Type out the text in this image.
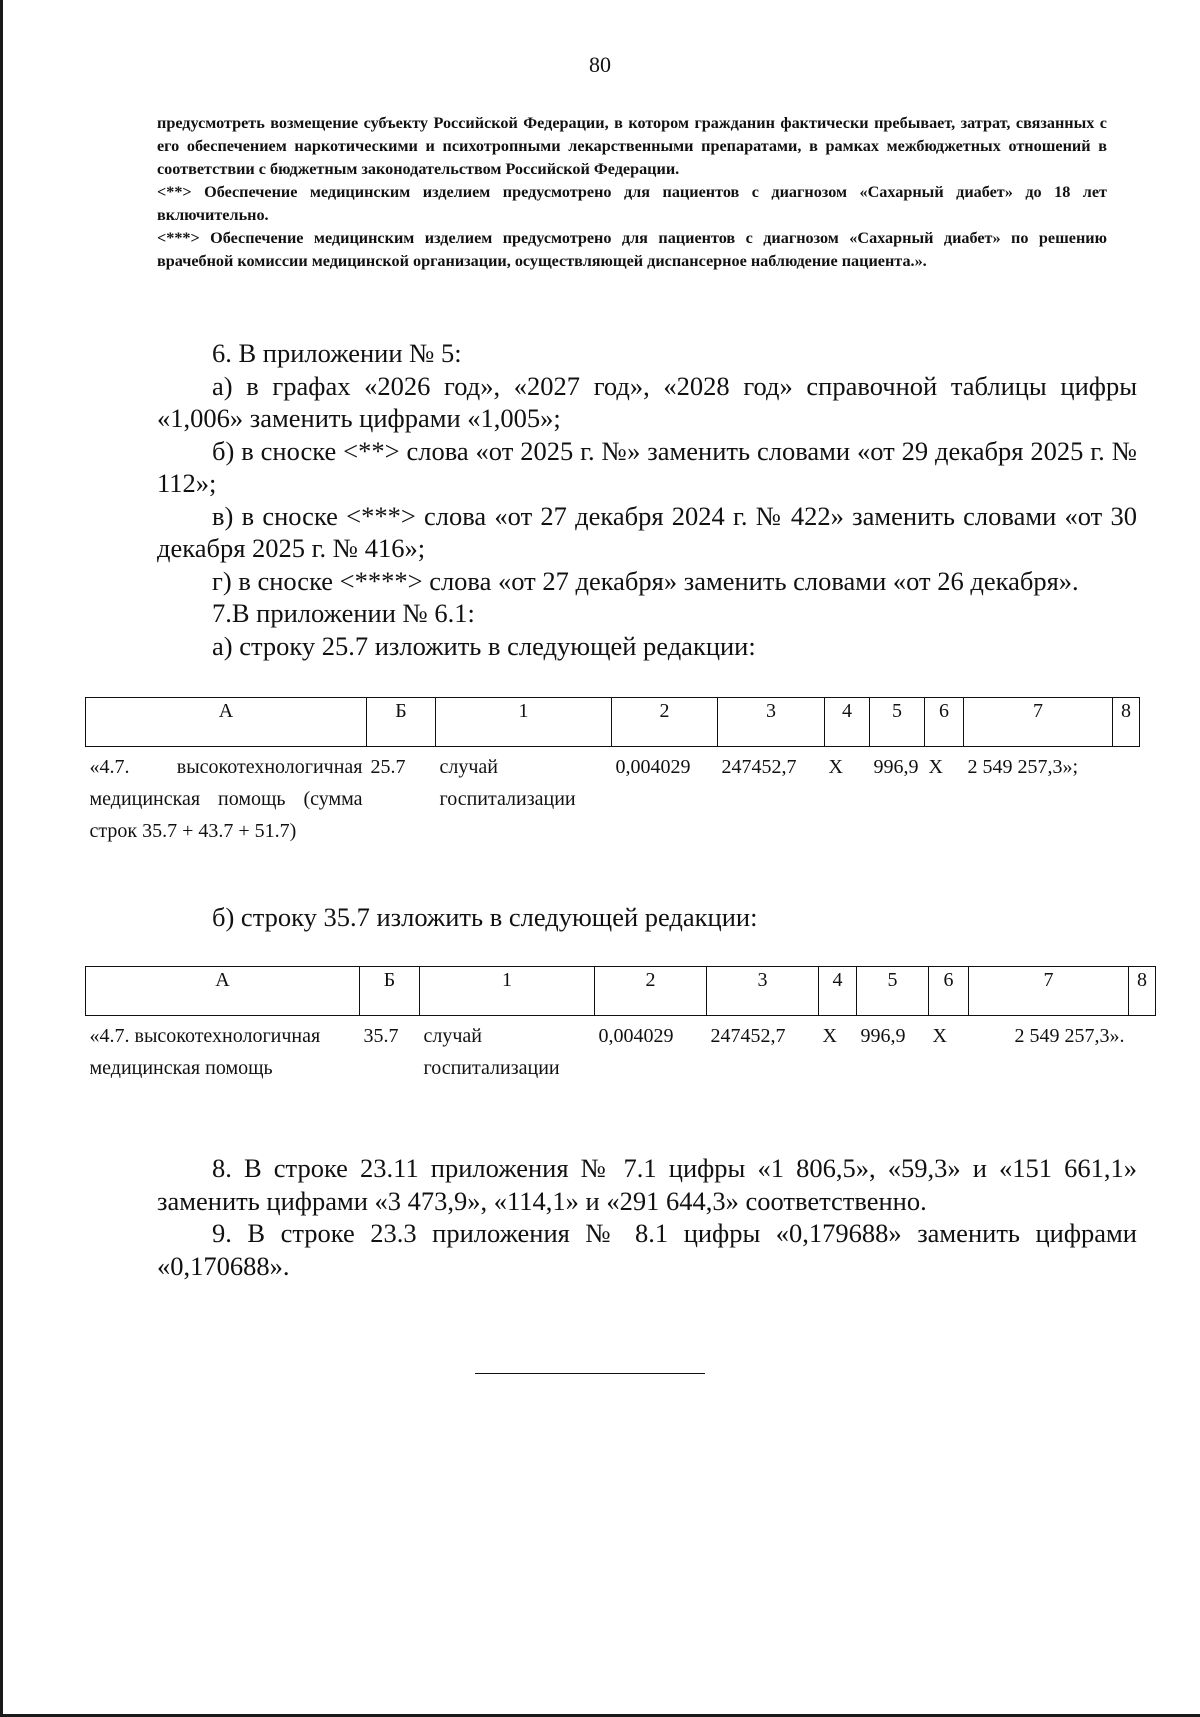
80

предусмотреть возмещение субъекту Российской Федерации, в котором гражданин фактически пребывает, затрат, связанных с его обеспечением наркотическими и психотропными лекарственными препаратами, в рамках межбюджетных отношений в соответствии с бюджетным законодательством Российской Федерации.

<**> Обеспечение медицинским изделием предусмотрено для пациентов с диагнозом «Сахарный диабет» до 18 лет включительно.

<***> Обеспечение медицинским изделием предусмотрено для пациентов с диагнозом «Сахарный диабет» по решению врачебной комиссии медицинской организации, осуществляющей диспансерное наблюдение пациента.».

6. В приложении № 5:

а) в графах «2026 год», «2027 год», «2028 год» справочной таблицы цифры «1,006» заменить цифрами «1,005»;

б) в сноске <**> слова «от 2025 г. №» заменить словами «от 29 декабря 2025 г. № 112»;

в) в сноске <***> слова «от 27 декабря 2024 г. № 422» заменить словами «от 30 декабря 2025 г. № 416»;

г) в сноске <****> слова «от 27 декабря» заменить словами «от 26 декабря».

7.В приложении № 6.1:

а) строку 25.7 изложить в следующей редакции:

А	Б	1	2	3	4	5	6	7	8
«4.7. высокотехнологичная медицинская помощь (сумма строк 35.7 + 43.7 + 51.7)	25.7	случай госпитализации	0,004029	247452,7	Х	996,9	Х	2 549 257,3»;	

б) строку 35.7 изложить в следующей редакции:

А	Б	1	2	3	4	5	6	7	8
«4.7. высокотехнологичная медицинская помощь	35.7	случай госпитализации	0,004029	247452,7	Х	996,9	Х	2 549 257,3».	

8. В строке 23.11 приложения № 7.1 цифры «1 806,5», «59,3» и «151 661,1» заменить цифрами «3 473,9», «114,1» и «291 644,3» соответственно.

9. В строке 23.3 приложения № 8.1 цифры «0,179688» заменить цифрами «0,170688».
